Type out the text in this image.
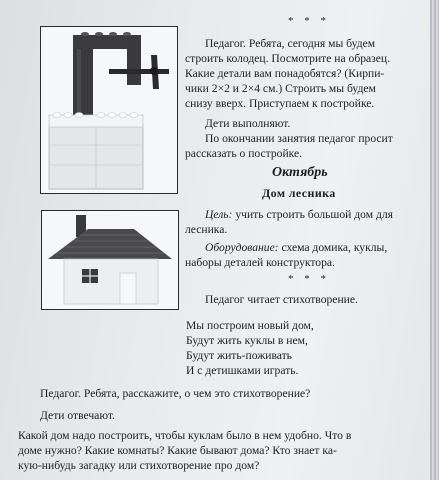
* * *
Педагог. Ребята, сегодня мы будем
строить колодец. Посмотрите на образец.
Какие детали вам понадобятся? (Кирпи-
чики 2×2 и 2×4 см.) Строить мы будем
снизу вверх. Приступаем к постройке.
Дети выполняют.
По окончании занятия педагог просит
рассказать о постройке.
Октябрь
Дом лесника
Цель: учить строить большой дом для
лесника.
Оборудование: схема домика, куклы,
наборы деталей конструктора.
* * *
Педагог читает стихотворение.
Мы построим новый дом,
Будут жить куклы в нем,
Будут жить-поживать
И с детишками играть.
Педагог. Ребята, расскажите, о чем это стихотворение?
Дети отвечают.
Какой дом надо построить, чтобы куклам было в нем удобно. Что в
доме нужно? Какие комнаты? Какие бывают дома? Кто знает ка-
кую-нибудь загадку или стихотворение про дом?
